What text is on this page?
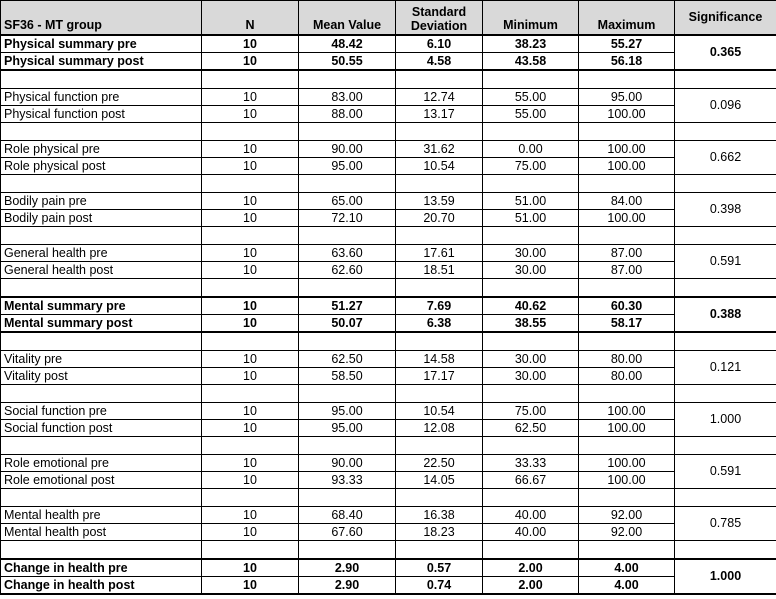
SF36 - MT group	N	Mean Value	Standard Deviation	Minimum	Maximum	Significance
Physical summary pre	10	48.42	6.10	38.23	55.27	0.365
Physical summary post	10	50.55	4.58	43.58	56.18	

Physical function pre	10	83.00	12.74	55.00	95.00	0.096
Physical function post	10	88.00	13.17	55.00	100.00	

Role physical pre	10	90.00	31.62	0.00	100.00	0.662
Role physical post	10	95.00	10.54	75.00	100.00	

Bodily pain pre	10	65.00	13.59	51.00	84.00	0.398
Bodily pain post	10	72.10	20.70	51.00	100.00	

General health pre	10	63.60	17.61	30.00	87.00	0.591
General health post	10	62.60	18.51	30.00	87.00	

Mental summary pre	10	51.27	7.69	40.62	60.30	0.388
Mental summary post	10	50.07	6.38	38.55	58.17	

Vitality pre	10	62.50	14.58	30.00	80.00	0.121
Vitality post	10	58.50	17.17	30.00	80.00	

Social function pre	10	95.00	10.54	75.00	100.00	1.000
Social function post	10	95.00	12.08	62.50	100.00	

Role emotional pre	10	90.00	22.50	33.33	100.00	0.591
Role emotional post	10	93.33	14.05	66.67	100.00	

Mental health pre	10	68.40	16.38	40.00	92.00	0.785
Mental health post	10	67.60	18.23	40.00	92.00	

Change in health pre	10	2.90	0.57	2.00	4.00	1.000
Change in health post	10	2.90	0.74	2.00	4.00	
